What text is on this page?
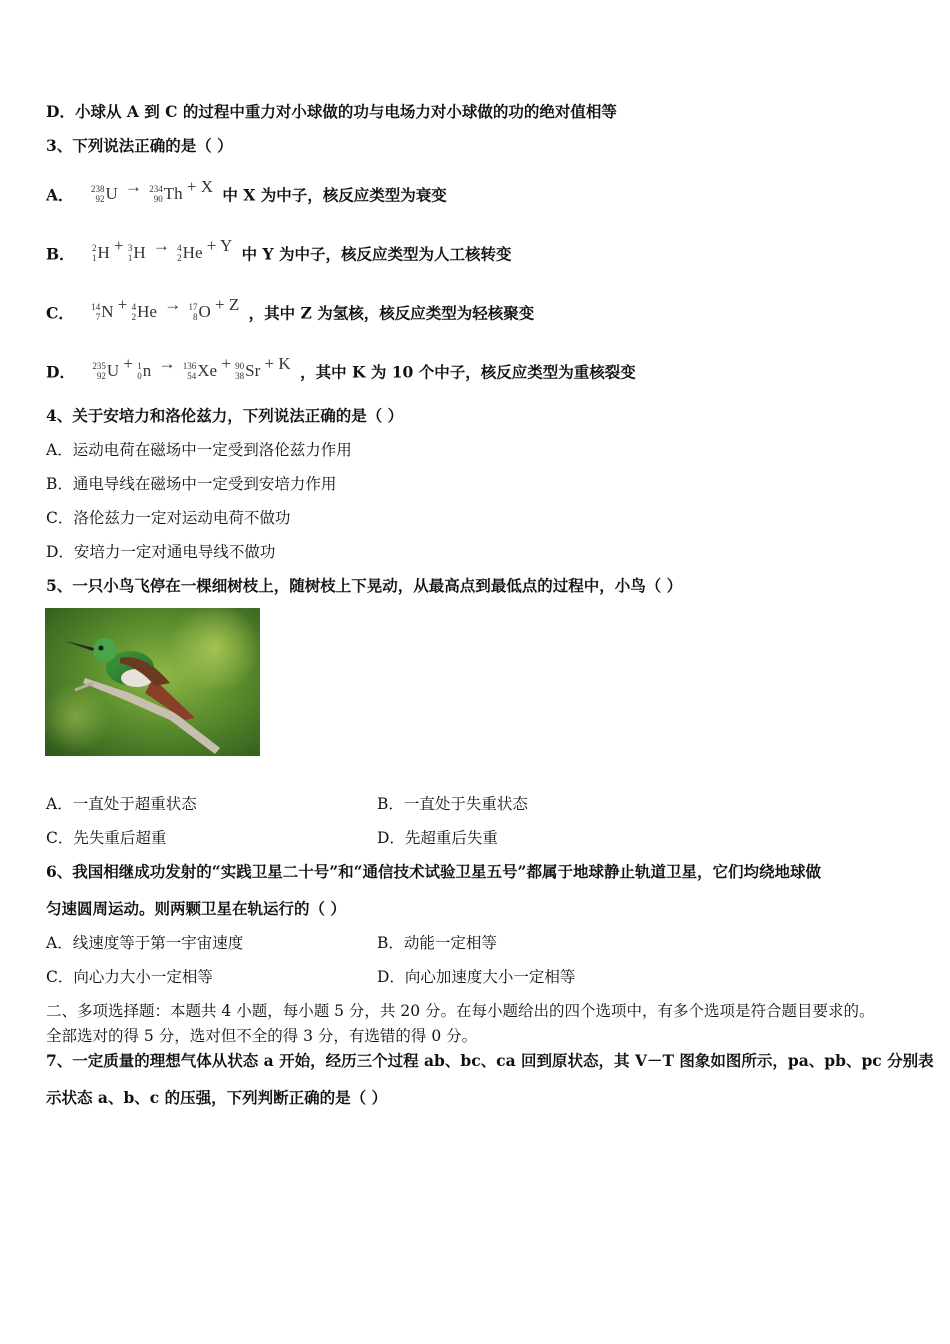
D．小球从 A 到 C 的过程中重力对小球做的功与电场力对小球做的功的绝对值相等
3、下列说法正确的是（ ）
A． 238
92 U → 234
90 Th + X 中 X 为中子，核反应类型为衰变
B． 2
1 H + 3
1 H → 4
2 He + Y 中 Y 为中子，核反应类型为人工核转变
C． 14
7 N + 4
2 He → 17
8 O + Z ，其中 Z 为氢核，核反应类型为轻核聚变
D． 235
92 U + 1
0 n → 136
54 Xe + 90
38 Sr + K ，其中 K 为 10 个中子，核反应类型为重核裂变
4、关于安培力和洛伦兹力，下列说法正确的是（ ）
A．运动电荷在磁场中一定受到洛伦兹力作用
B．通电导线在磁场中一定受到安培力作用
C．洛伦兹力一定对运动电荷不做功
D．安培力一定对通电导线不做功
5、一只小鸟飞停在一棵细树枝上，随树枝上下晃动，从最高点到最低点的过程中，小鸟（ ）
A．一直处于超重状态	B．一直处于失重状态
C．先失重后超重	D．先超重后失重
6、我国相继成功发射的“实践卫星二十号”和“通信技术试验卫星五号”都属于地球静止轨道卫星，它们均绕地球做
匀速圆周运动。则两颗卫星在轨运行的（ ）
A．线速度等于第一宇宙速度	B．动能一定相等
C．向心力大小一定相等	D．向心加速度大小一定相等
二、多项选择题：本题共 4 小题，每小题 5 分，共 20 分。在每小题给出的四个选项中，有多个选项是符合题目要求的。
全部选对的得 5 分，选对但不全的得 3 分，有选错的得 0 分。
7、一定质量的理想气体从状态 a 开始，经历三个过程 ab、bc、ca 回到原状态，其 V－T 图象如图所示，pa、pb、pc 分别表
示状态 a、b、c 的压强，下列判断正确的是（ ）
